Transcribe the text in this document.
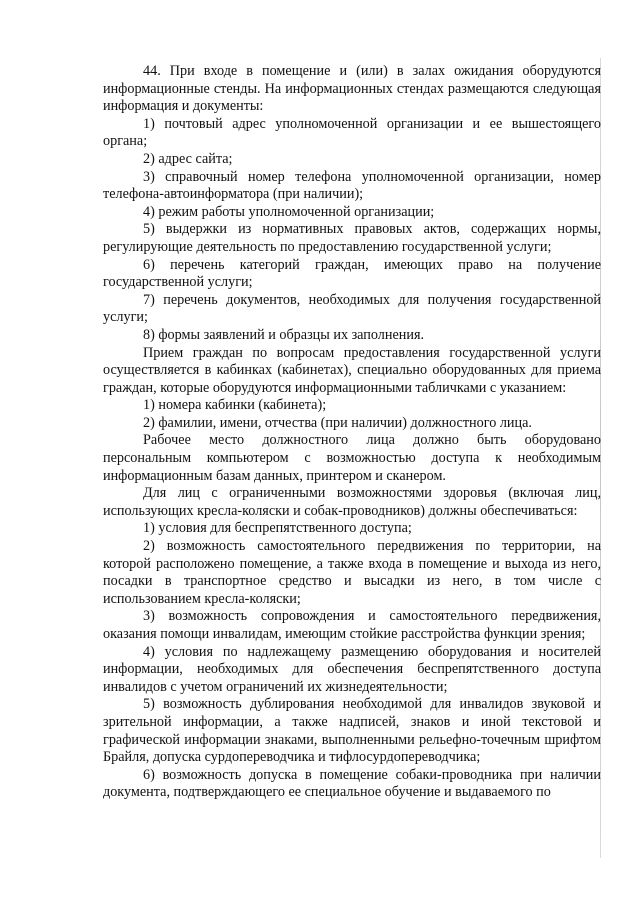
44. При входе в помещение и (или) в залах ожидания оборудуются информационные стенды. На информационных стендах размещаются следующая информация и документы:

1) почтовый адрес уполномоченной организации и ее вышестоящего органа;

2) адрес сайта;

3) справочный номер телефона уполномоченной организации, номер телефона-автоинформатора (при наличии);

4) режим работы уполномоченной организации;

5) выдержки из нормативных правовых актов, содержащих нормы, регулирующие деятельность по предоставлению государственной услуги;

6) перечень категорий граждан, имеющих право на получение государственной услуги;

7) перечень документов, необходимых для получения государственной услуги;

8) формы заявлений и образцы их заполнения.

Прием граждан по вопросам предоставления государственной услуги осуществляется в кабинках (кабинетах), специально оборудованных для приема граждан, которые оборудуются информационными табличками с указанием:

1) номера кабинки (кабинета);

2) фамилии, имени, отчества (при наличии) должностного лица.

Рабочее место должностного лица должно быть оборудовано персональным компьютером с возможностью доступа к необходимым информационным базам данных, принтером и сканером.

Для лиц с ограниченными возможностями здоровья (включая лиц, использующих кресла-коляски и собак-проводников) должны обеспечиваться:

1) условия для беспрепятственного доступа;

2) возможность самостоятельного передвижения по территории, на которой расположено помещение, а также входа в помещение и выхода из него, посадки в транспортное средство и высадки из него, в том числе с использованием кресла-коляски;

3) возможность сопровождения и самостоятельного передвижения, оказания помощи инвалидам, имеющим стойкие расстройства функции зрения;

4) условия по надлежащему размещению оборудования и носителей информации, необходимых для обеспечения беспрепятственного доступа инвалидов с учетом ограничений их жизнедеятельности;

5) возможность дублирования необходимой для инвалидов звуковой и зрительной информации, а также надписей, знаков и иной текстовой и графической информации знаками, выполненными рельефно-точечным шрифтом Брайля, допуска сурдопереводчика и тифлосурдопереводчика;

6) возможность допуска в помещение собаки-проводника при наличии документа, подтверждающего ее специальное обучение и выдаваемого по
